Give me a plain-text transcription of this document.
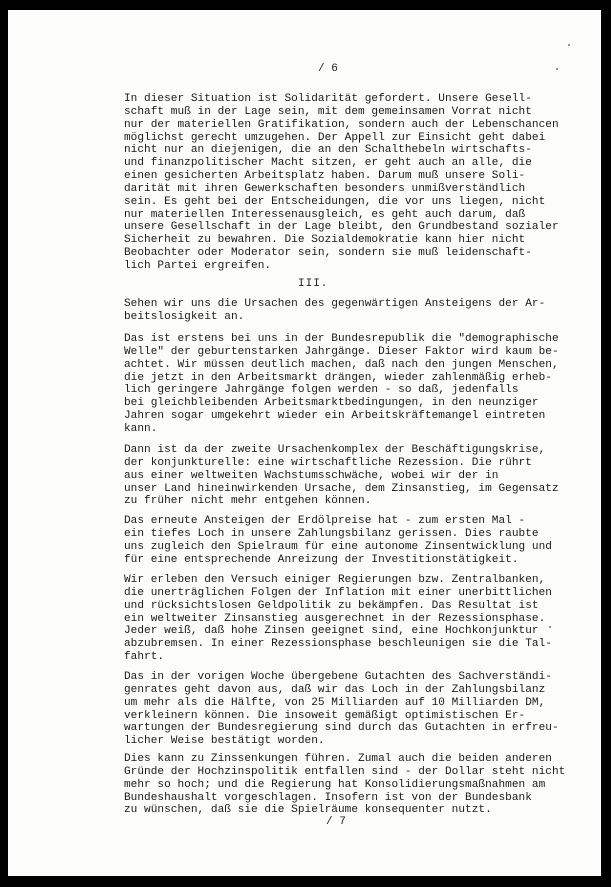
/ 6

In dieser Situation ist Solidarität gefordert. Unsere Gesell-
schaft muß in der Lage sein, mit dem gemeinsamen Vorrat nicht
nur der materiellen Gratifikation, sondern auch der Lebenschancen
möglichst gerecht umzugehen. Der Appell zur Einsicht geht dabei
nicht nur an diejenigen, die an den Schalthebeln wirtschafts-
und finanzpolitischer Macht sitzen, er geht auch an alle, die
einen gesicherten Arbeitsplatz haben. Darum muß unsere Soli-
darität mit ihren Gewerkschaften besonders unmißverständlich
sein. Es geht bei der Entscheidungen, die vor uns liegen, nicht
nur materiellen Interessenausgleich, es geht auch darum, daß
unsere Gesellschaft in der Lage bleibt, den Grundbestand sozialer
Sicherheit zu bewahren. Die Sozialdemokratie kann hier nicht
Beobachter oder Moderator sein, sondern sie muß leidenschaft-
lich Partei ergreifen.

III.

Sehen wir uns die Ursachen des gegenwärtigen Ansteigens der Ar-
beitslosigkeit an.

Das ist erstens bei uns in der Bundesrepublik die "demographische
Welle" der geburtenstarken Jahrgänge. Dieser Faktor wird kaum be-
achtet. Wir müssen deutlich machen, daß nach den jungen Menschen,
die jetzt in den Arbeitsmarkt drängen, wieder zahlenmäßig erheb-
lich geringere Jahrgänge folgen werden - so daß, jedenfalls
bei gleichbleibenden Arbeitsmarktbedingungen, in den neunziger
Jahren sogar umgekehrt wieder ein Arbeitskräftemangel eintreten
kann.

Dann ist da der zweite Ursachenkomplex der Beschäftigungskrise,
der konjunkturelle: eine wirtschaftliche Rezession. Die rührt
aus einer weltweiten Wachstumsschwäche, wobei wir der in
unser Land hineinwirkenden Ursache, dem Zinsanstieg, im Gegensatz
zu früher nicht mehr entgehen können.

Das erneute Ansteigen der Erdölpreise hat - zum ersten Mal -
ein tiefes Loch in unsere Zahlungsbilanz gerissen. Dies raubte
uns zugleich den Spielraum für eine autonome Zinsentwicklung und
für eine entsprechende Anreizung der Investitionstätigkeit.

Wir erleben den Versuch einiger Regierungen bzw. Zentralbanken,
die unerträglichen Folgen der Inflation mit einer unerbittlichen
und rücksichtslosen Geldpolitik zu bekämpfen. Das Resultat ist
ein weltweiter Zinsanstieg ausgerechnet in der Rezessionsphase.
Jeder weiß, daß hohe Zinsen geeignet sind, eine Hochkonjunktur
abzubremsen. In einer Rezessionsphase beschleunigen sie die Tal-
fahrt.

Das in der vorigen Woche übergebene Gutachten des Sachverständi-
genrates geht davon aus, daß wir das Loch in der Zahlungsbilanz
um mehr als die Hälfte, von 25 Milliarden auf 10 Milliarden DM,
verkleinern können. Die insoweit gemäßigt optimistischen Er-
wartungen der Bundesregierung sind durch das Gutachten in erfreu-
licher Weise bestätigt worden.

Dies kann zu Zinssenkungen führen. Zumal auch die beiden anderen
Gründe der Hochzinspolitik entfallen sind - der Dollar steht nicht
mehr so hoch; und die Regierung hat Konsolidierungsmaßnahmen am
Bundeshaushalt vorgeschlagen. Insofern ist von der Bundesbank
zu wünschen, daß sie die Spielräume konsequenter nutzt.

/ 7
